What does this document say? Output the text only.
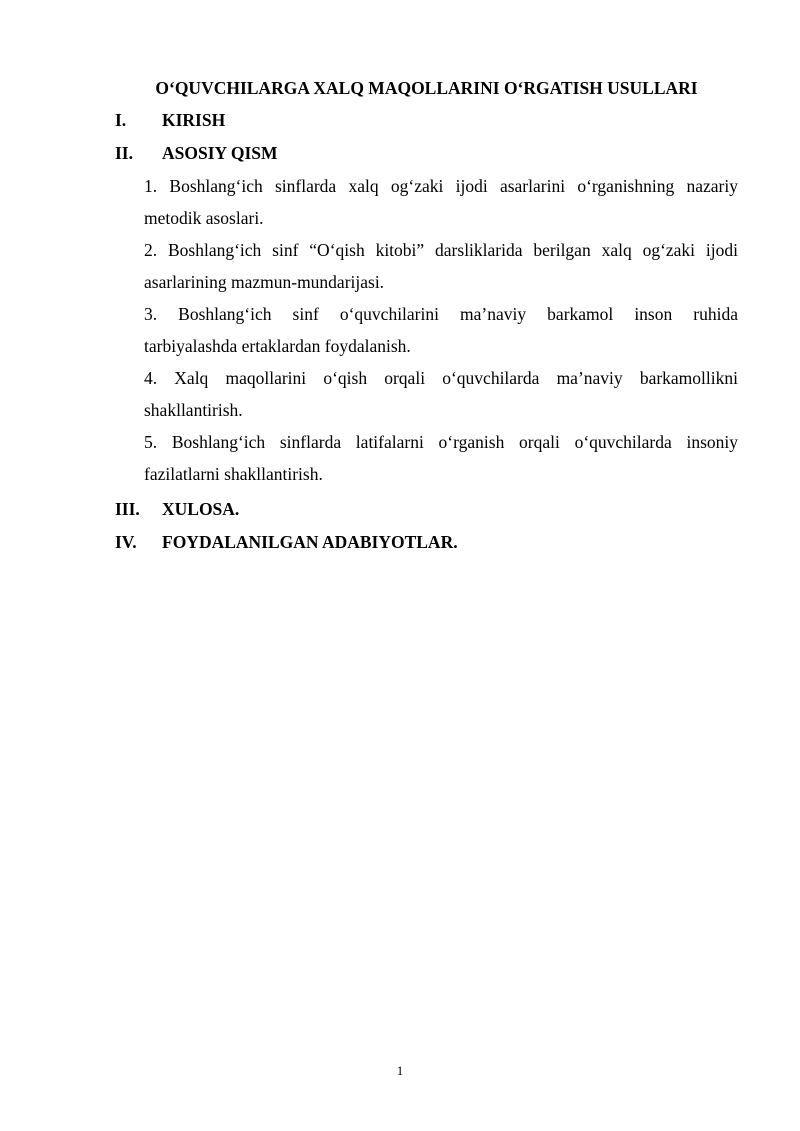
O‘QUVCHILARGA XALQ MAQOLLARINI O‘RGATISH USULLARI
I. KIRISH
II. ASOSIY QISM
1. Boshlang‘ich sinflarda xalq og‘zaki ijodi asarlarini o‘rganishning nazariy
metodik asoslari.
2. Boshlang‘ich sinf “O‘qish kitobi” darsliklarida berilgan xalq og‘zaki ijodi
asarlarining mazmun-mundarijasi.
3. Boshlang‘ich sinf o‘quvchilarini ma’naviy barkamol inson ruhida
tarbiyalashda ertaklardan foydalanish.
4. Xalq maqollarini o‘qish orqali o‘quvchilarda ma’naviy barkamollikni
shakllantirish.
5. Boshlang‘ich sinflarda latifalarni o‘rganish orqali o‘quvchilarda insoniy
fazilatlarni shakllantirish.
III. XULOSA.
IV. FOYDALANILGAN ADABIYOTLAR.
1
